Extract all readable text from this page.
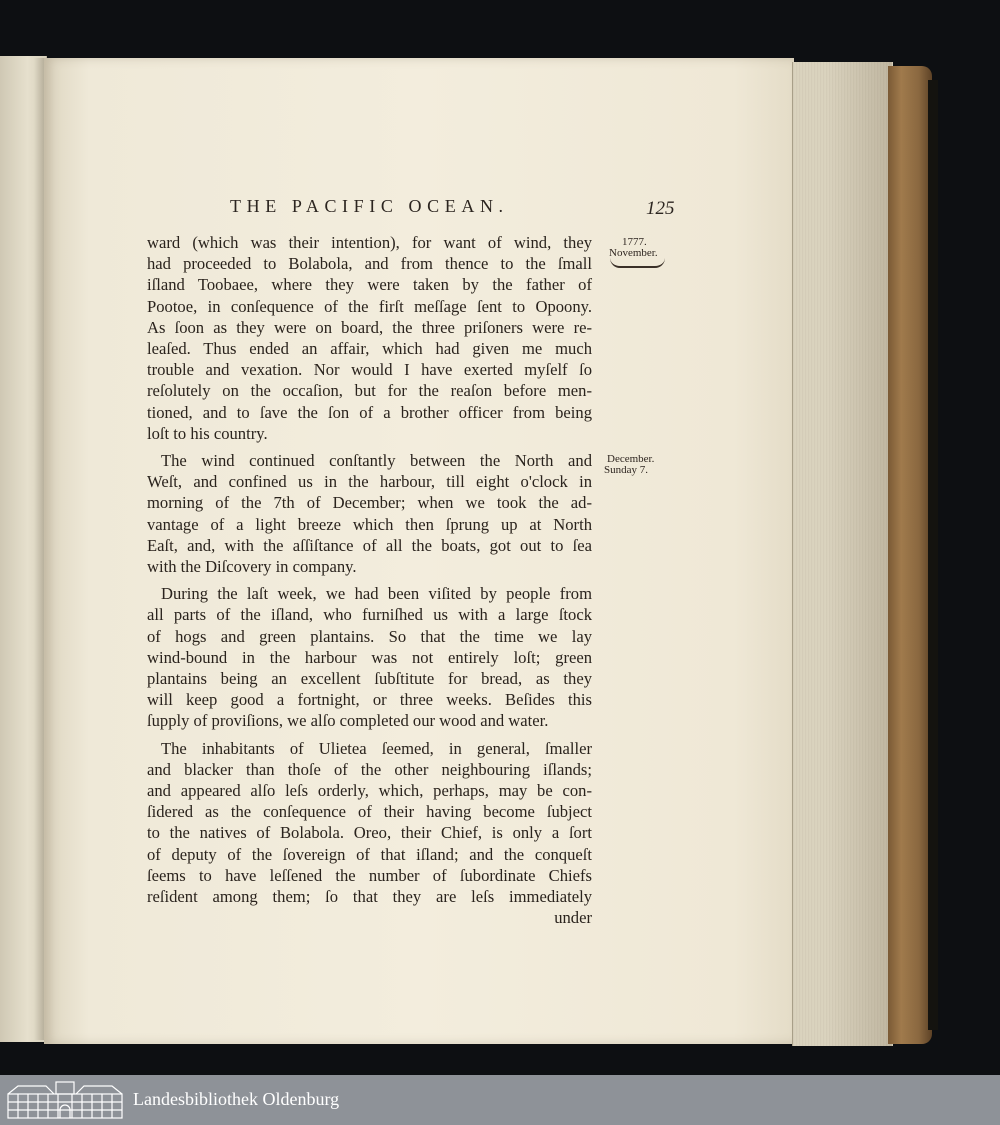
THE PACIFIC OCEAN.	125
1777.
November.
December.
Sunday 7.

ward (which was their intention), for want of wind, they
had proceeded to Bolabola, and from thence to the ſmall
iſland Toobaee, where they were taken by the father of
Pootoe, in conſequence of the firſt meſſage ſent to Opoony.
As ſoon as they were on board, the three priſoners were re-
leaſed. Thus ended an affair, which had given me much
trouble and vexation. Nor would I have exerted myſelf ſo
reſolutely on the occaſion, but for the reaſon before men-
tioned, and to ſave the ſon of a brother officer from being
loſt to his country.

The wind continued conſtantly between the North and
Weſt, and confined us in the harbour, till eight o'clock in
morning of the 7th of December; when we took the ad-
vantage of a light breeze which then ſprung up at North
Eaſt, and, with the aſſiſtance of all the boats, got out to ſea
with the Diſcovery in company.

During the laſt week, we had been viſited by people from
all parts of the iſland, who furniſhed us with a large ſtock
of hogs and green plantains. So that the time we lay
wind-bound in the harbour was not entirely loſt; green
plantains being an excellent ſubſtitute for bread, as they
will keep good a fortnight, or three weeks. Beſides this
ſupply of proviſions, we alſo completed our wood and water.

The inhabitants of Ulietea ſeemed, in general, ſmaller
and blacker than thoſe of the other neighbouring iſlands;
and appeared alſo leſs orderly, which, perhaps, may be con-
ſidered as the conſequence of their having become ſubject
to the natives of Bolabola. Oreo, their Chief, is only a ſort
of deputy of the ſovereign of that iſland; and the conqueſt
ſeems to have leſſened the number of ſubordinate Chiefs
reſident among them; ſo that they are leſs immediately
under

Landesbibliothek Oldenburg
